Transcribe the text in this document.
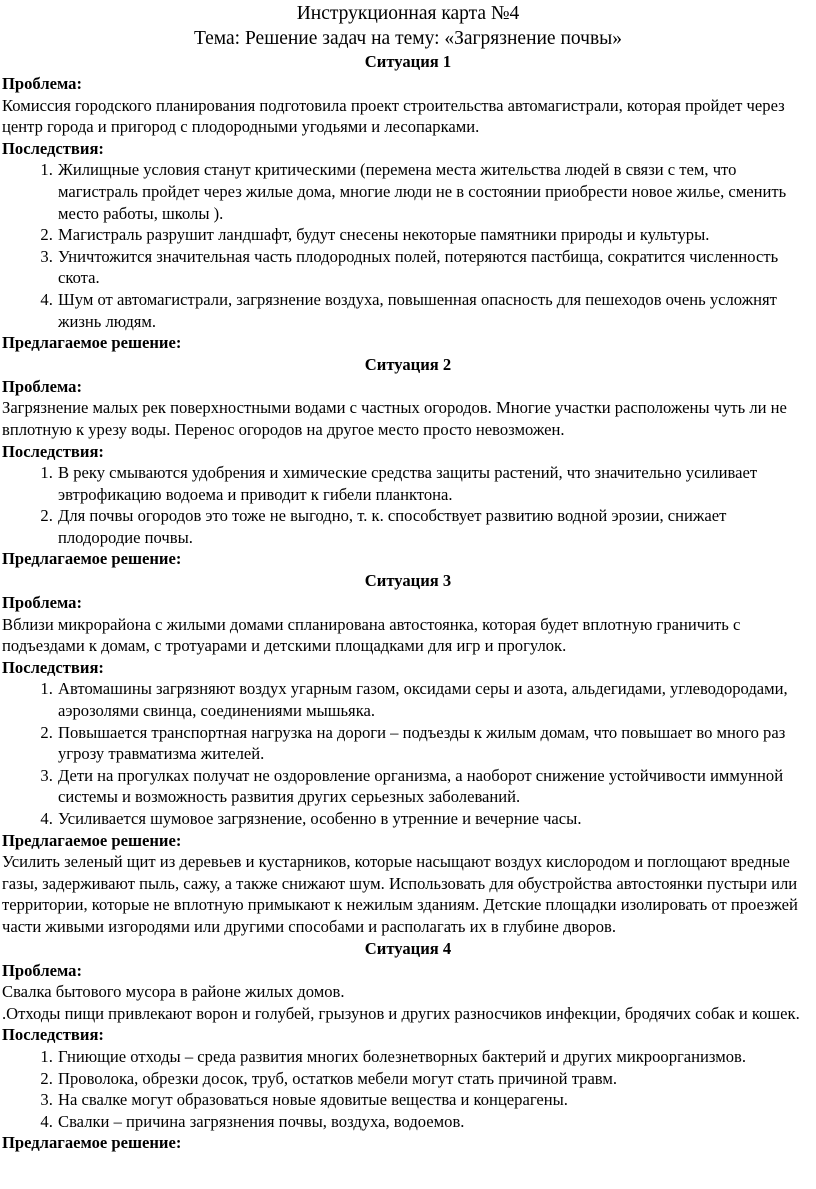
Инструкционная карта №4
Тема: Решение задач на тему: «Загрязнение почвы»
Ситуация 1
Проблема:

Комиссия городского планирования подготовила проект строительства автомагистрали, которая пройдет через центр города и пригород с плодородными угодьями и лесопарками.

Последствия:
1. Жилищные условия станут критическими (перемена места жительства людей в связи с тем, что магистраль пройдет через жилые дома, многие люди не в состоянии приобрести новое жилье, сменить место работы, школы ).
2. Магистраль разрушит ландшафт, будут снесены некоторые памятники природы и культуры.
3. Уничтожится значительная часть плодородных полей, потеряются пастбища, сократится численность скота.
4. Шум от автомагистрали, загрязнение воздуха, повышенная опасность для пешеходов очень усложнят жизнь людям.
Предлагаемое решение:
Ситуация 2
Проблема:

Загрязнение малых рек поверхностными водами с частных огородов. Многие участки расположены чуть ли не вплотную к урезу воды. Перенос огородов на другое место просто невозможен.

Последствия:
1. В реку смываются удобрения и химические средства защиты растений, что значительно усиливает эвтрофикацию водоема и приводит к гибели планктона.
2. Для почвы огородов это тоже не выгодно, т. к. способствует развитию водной эрозии, снижает плодородие почвы.
Предлагаемое решение:
Ситуация 3
Проблема:

Вблизи микрорайона с жилыми домами спланирована автостоянка, которая будет вплотную граничить с подъездами к домам, с тротуарами и детскими площадками для игр и прогулок.

Последствия:
1. Автомашины загрязняют воздух угарным газом, оксидами серы и азота, альдегидами, углеводородами, аэрозолями свинца, соединениями мышьяка.
2. Повышается транспортная нагрузка на дороги – подъезды к жилым домам, что повышает во много раз угрозу травматизма жителей.
3. Дети на прогулках получат не оздоровление организма, а наоборот снижение устойчивости иммунной системы и возможность развития других серьезных заболеваний.
4. Усиливается шумовое загрязнение, особенно в утренние и вечерние часы.
Предлагаемое решение:

Усилить зеленый щит из деревьев и кустарников, которые насыщают воздух кислородом и поглощают вредные газы, задерживают пыль, сажу, а также снижают шум. Использовать для обустройства автостоянки пустыри или территории, которые не вплотную примыкают к нежилым зданиям. Детские площадки изолировать от проезжей части живыми изгородями или другими способами и располагать их в глубине дворов.

Ситуация 4
Проблема:

Свалка бытового мусора в районе жилых домов.

.Отходы пищи привлекают ворон и голубей, грызунов и других разносчиков инфекции, бродячих собак и кошек.

Последствия:
1. Гниющие отходы – среда развития многих болезнетворных бактерий и других микроорганизмов.
2. Проволока, обрезки досок, труб, остатков мебели могут стать причиной травм.
3. На свалке могут образоваться новые ядовитые вещества и концерагены.
4. Свалки – причина загрязнения почвы, воздуха, водоемов.
Предлагаемое решение:
